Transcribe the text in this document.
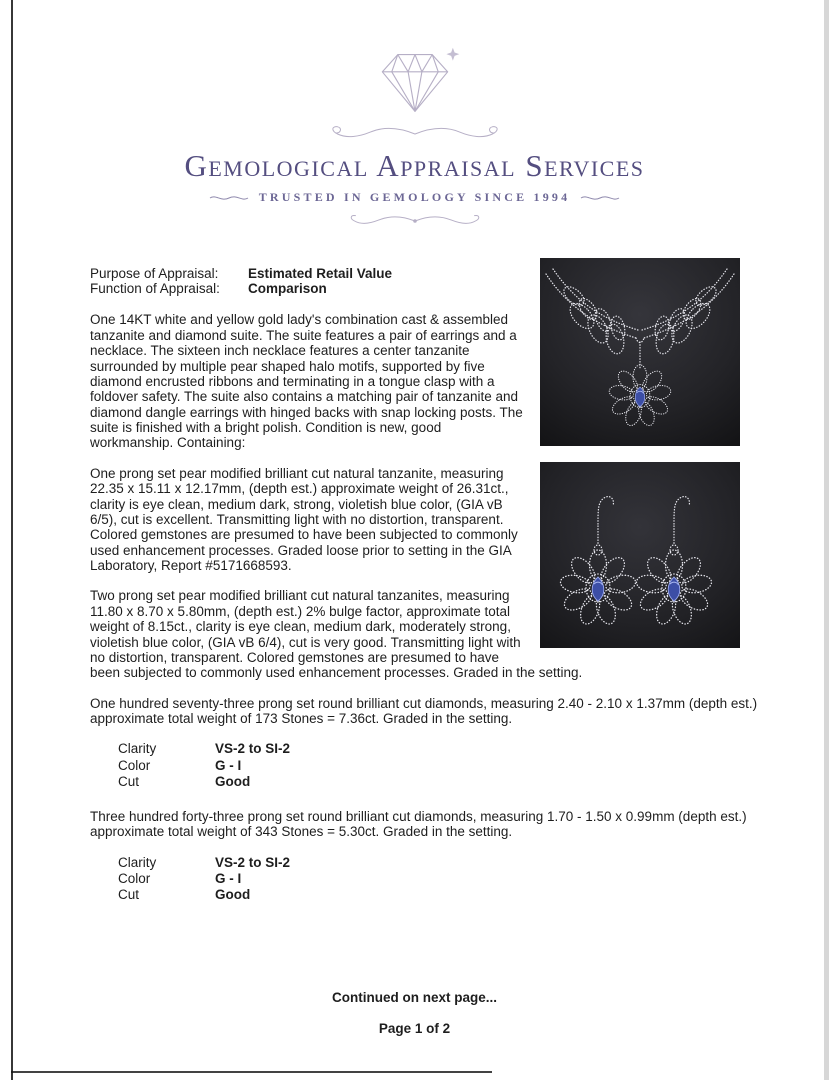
Gemological Appraisal Services
TRUSTED IN GEMOLOGY SINCE 1994
Purpose of Appraisal:	Estimated Retail Value
Function of Appraisal:	Comparison

One 14KT white and yellow gold lady's combination cast & assembled tanzanite and diamond suite. The suite features a pair of earrings and a necklace. The sixteen inch necklace features a center tanzanite surrounded by multiple pear shaped halo motifs, supported by five diamond encrusted ribbons and terminating in a tongue clasp with a foldover safety. The suite also contains a matching pair of tanzanite and diamond dangle earrings with hinged backs with snap locking posts. The suite is finished with a bright polish. Condition is new, good workmanship. Containing:

One prong set pear modified brilliant cut natural tanzanite, measuring 22.35 x 15.11 x 12.17mm, (depth est.) approximate weight of 26.31ct., clarity is eye clean, medium dark, strong, violetish blue color, (GIA vB 6/5), cut is excellent. Transmitting light with no distortion, transparent. Colored gemstones are presumed to have been subjected to commonly used enhancement processes. Graded loose prior to setting in the GIA Laboratory, Report #5171668593.

Two prong set pear modified brilliant cut natural tanzanites, measuring 11.80 x 8.70 x 5.80mm, (depth est.) 2% bulge factor, approximate total weight of 8.15ct., clarity is eye clean, medium dark, moderately strong, violetish blue color, (GIA vB 6/4), cut is very good. Transmitting light with no distortion, transparent. Colored gemstones are presumed to have been subjected to commonly used enhancement processes. Graded in the setting.

One hundred seventy-three prong set round brilliant cut diamonds, measuring 2.40 - 2.10 x 1.37mm (depth est.) approximate total weight of 173 Stones = 7.36ct. Graded in the setting.

Clarity	VS-2 to SI-2
Color	G - I
Cut	Good

Three hundred forty-three prong set round brilliant cut diamonds, measuring 1.70 - 1.50 x 0.99mm (depth est.) approximate total weight of 343 Stones = 5.30ct. Graded in the setting.

Clarity	VS-2 to SI-2
Color	G - I
Cut	Good
Continued on next page...
Page 1 of 2
